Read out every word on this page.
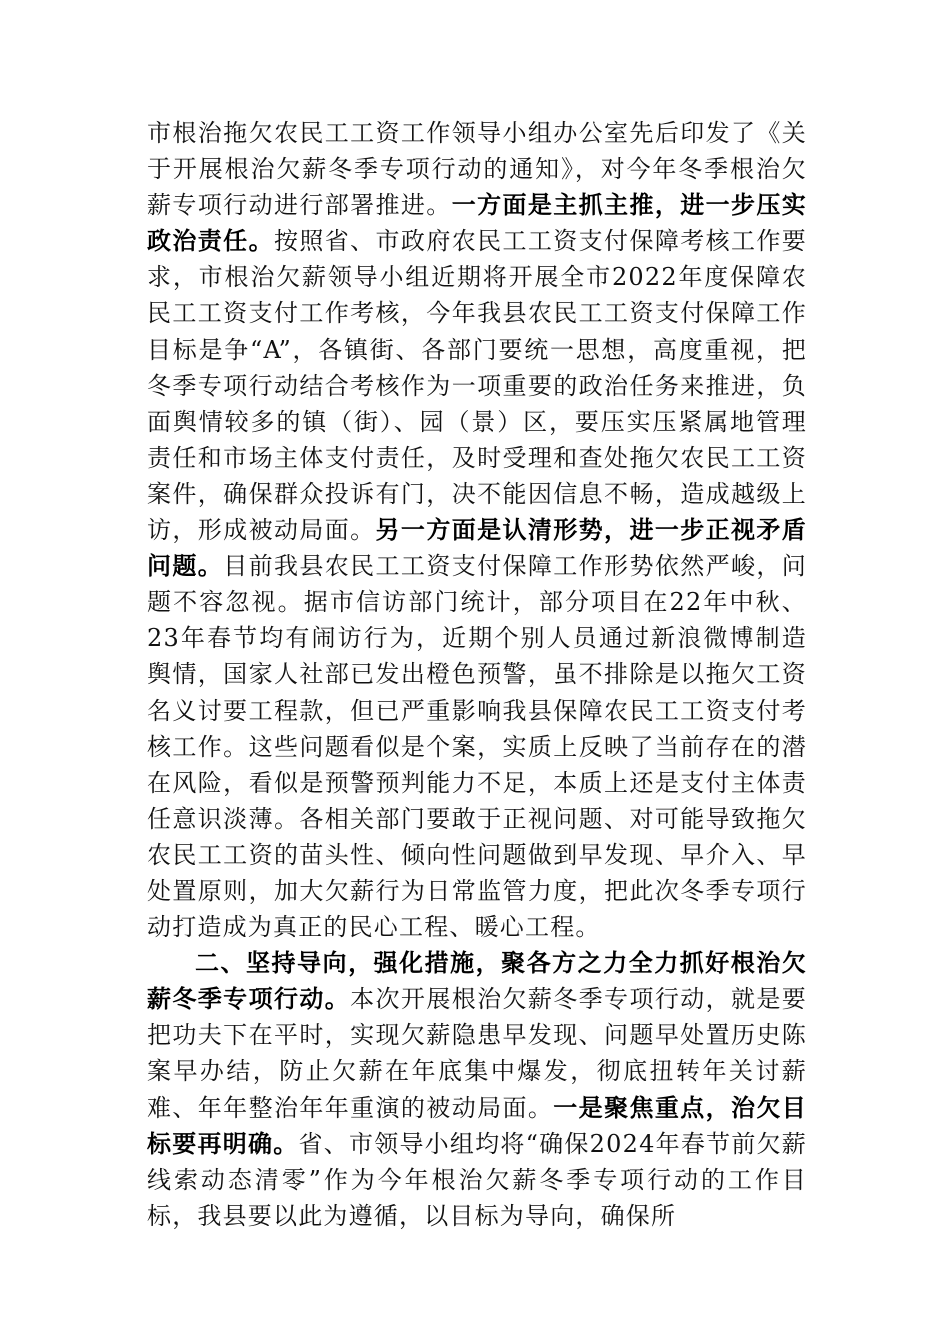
市根治拖欠农民工工资工作领导小组办公室先后印发了《关于开展根治欠薪冬季专项行动的通知》，对今年冬季根治欠薪专项行动进行部署推进。一方面是主抓主推，进一步压实政治责任。按照省、市政府农民工工资支付保障考核工作要求，市根治欠薪领导小组近期将开展全市2022年度保障农民工工资支付工作考核，今年我县农民工工资支付保障工作目标是争“A”，各镇街、各部门要统一思想，高度重视，把冬季专项行动结合考核作为一项重要的政治任务来推进，负面舆情较多的镇（街）、园（景）区，要压实压紧属地管理责任和市场主体支付责任，及时受理和查处拖欠农民工工资案件，确保群众投诉有门，决不能因信息不畅，造成越级上访，形成被动局面。另一方面是认清形势，进一步正视矛盾问题。目前我县农民工工资支付保障工作形势依然严峻，问题不容忽视。据市信访部门统计，部分项目在22年中秋、23年春节均有闹访行为，近期个别人员通过新浪微博制造舆情，国家人社部已发出橙色预警，虽不排除是以拖欠工资名义讨要工程款，但已严重影响我县保障农民工工资支付考核工作。这些问题看似是个案，实质上反映了当前存在的潜在风险，看似是预警预判能力不足，本质上还是支付主体责任意识淡薄。各相关部门要敢于正视问题、对可能导致拖欠农民工工资的苗头性、倾向性问题做到早发现、早介入、早处置原则，加大欠薪行为日常监管力度，把此次冬季专项行动打造成为真正的民心工程、暖心工程。

二、坚持导向，强化措施，聚各方之力全力抓好根治欠薪冬季专项行动。本次开展根治欠薪冬季专项行动，就是要把功夫下在平时，实现欠薪隐患早发现、问题早处置历史陈案早办结，防止欠薪在年底集中爆发，彻底扭转年关讨薪难、年年整治年年重演的被动局面。一是聚焦重点，治欠目标要再明确。省、市领导小组均将“确保2024年春节前欠薪线索动态清零”作为今年根治欠薪冬季专项行动的工作目标，我县要以此为遵循，以目标为导向，确保所
